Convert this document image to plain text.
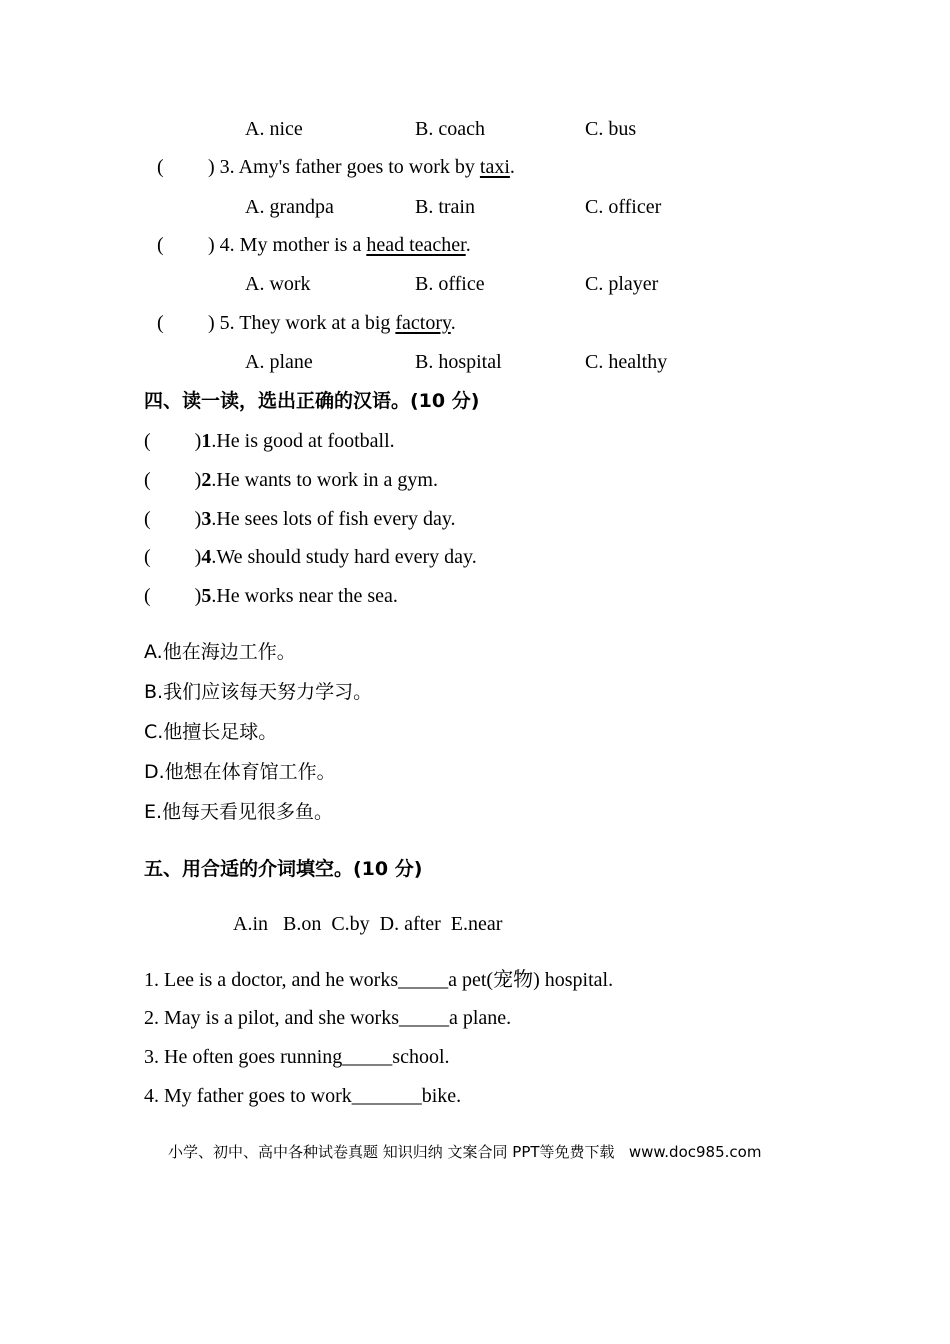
A. nice	B. coach	C. bus
( ) 3. Amy's father goes to work by taxi.
A. grandpa	B. train	C. officer
( ) 4. My mother is a head teacher.
A. work	B. office	C. player
( ) 5. They work at a big factory.
A. plane	B. hospital	C. healthy
四、读一读，选出正确的汉语。(10 分)
( )1.He is good at football.
( )2.He wants to work in a gym.
( )3.He sees lots of fish every day.
( )4.We should study hard every day.
( )5.He works near the sea.
A.他在海边工作。
B.我们应该每天努力学习。
C.他擅长足球。
D.他想在体育馆工作。
E.他每天看见很多鱼。
五、用合适的介词填空。(10 分)
A.in   B.on  C.by  D. after  E.near
1. Lee is a doctor, and he works_____a pet(宠物) hospital.
2. May is a pilot, and she works_____a plane.
3. He often goes running_____school.
4. My father goes to work_______bike.
小学、初中、高中各种试卷真题 知识归纳 文案合同 PPT等免费下载   www.doc985.com
